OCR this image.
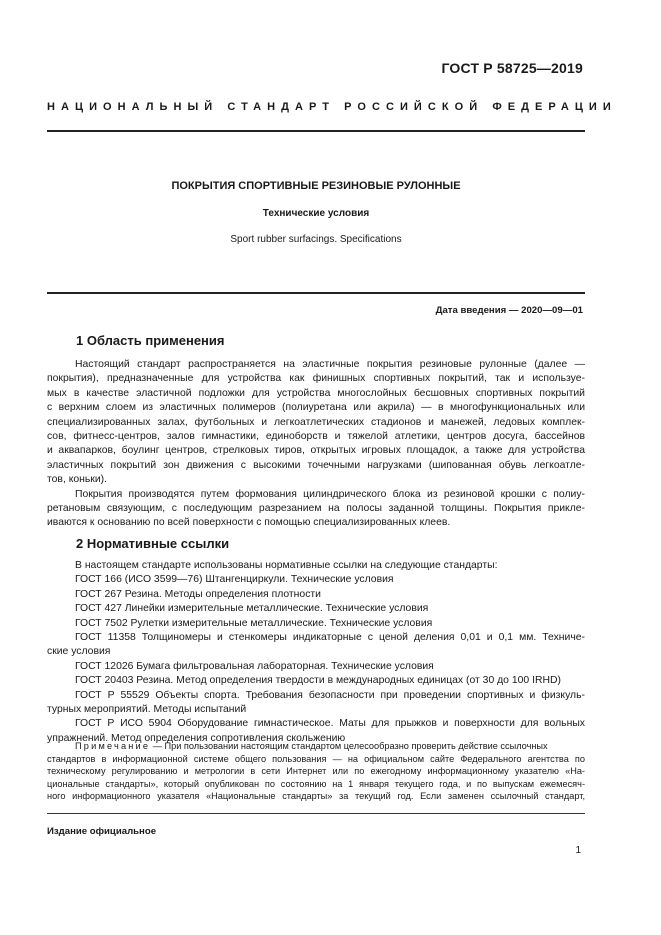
ГОСТ Р 58725—2019
НАЦИОНАЛЬНЫЙ СТАНДАРТ РОССИЙСКОЙ ФЕДЕРАЦИИ
ПОКРЫТИЯ СПОРТИВНЫЕ РЕЗИНОВЫЕ РУЛОННЫЕ
Технические условия
Sport rubber surfacings. Specifications
Дата введения — 2020—09—01
1 Область применения
Настоящий стандарт распространяется на эластичные покрытия резиновые рулонные (далее —
покрытия), предназначенные для устройства как финишных спортивных покрытий, так и используе-
мых в качестве эластичной подложки для устройства многослойных бесшовных спортивных покрытий
с верхним слоем из эластичных полимеров (полиуретана или акрила) — в многофункциональных или
специализированных залах, футбольных и легкоатлетических стадионов и манежей, ледовых комплек-
сов, фитнесс-центров, залов гимнастики, единоборств и тяжелой атлетики, центров досуга, бассейнов
и аквапарков, боулинг центров, стрелковых тиров, открытых игровых площадок, а также для устройства
эластичных покрытий зон движения с высокими точечными нагрузками (шипованная обувь легкоатле-
тов, коньки).
Покрытия производятся путем формования цилиндрического блока из резиновой крошки с полиу-
ретановым связующим, с последующим разрезанием на полосы заданной толщины. Покрытия прикле-
иваются к основанию по всей поверхности с помощью специализированных клеев.
2 Нормативные ссылки
В настоящем стандарте использованы нормативные ссылки на следующие стандарты:
ГОСТ 166 (ИСО 3599—76) Штангенциркули. Технические условия
ГОСТ 267 Резина. Методы определения плотности
ГОСТ 427 Линейки измерительные металлические. Технические условия
ГОСТ 7502 Рулетки измерительные металлические. Технические условия
ГОСТ 11358 Толщиномеры и стенкомеры индикаторные с ценой деления 0,01 и 0,1 мм. Техниче-
ские условия
ГОСТ 12026 Бумага фильтровальная лабораторная. Технические условия
ГОСТ 20403 Резина. Метод определения твердости в международных единицах (от 30 до 100 IRHD)
ГОСТ Р 55529 Объекты спорта. Требования безопасности при проведении спортивных и физкуль-
турных мероприятий. Методы испытаний
ГОСТ Р ИСО 5904 Оборудование гимнастическое. Маты для прыжков и поверхности для вольных
упражнений. Метод определения сопротивления скольжению
Примечание — При пользовании настоящим стандартом целесообразно проверить действие ссылочных
стандартов в информационной системе общего пользования — на официальном сайте Федерального агентства по
техническому регулированию и метрологии в сети Интернет или по ежегодному информационному указателю «На-
циональные стандарты», который опубликован по состоянию на 1 января текущего года, и по выпускам ежемесяч-
ного информационного указателя «Национальные стандарты» за текущий год. Если заменен ссылочный стандарт,
Издание официальное
1
